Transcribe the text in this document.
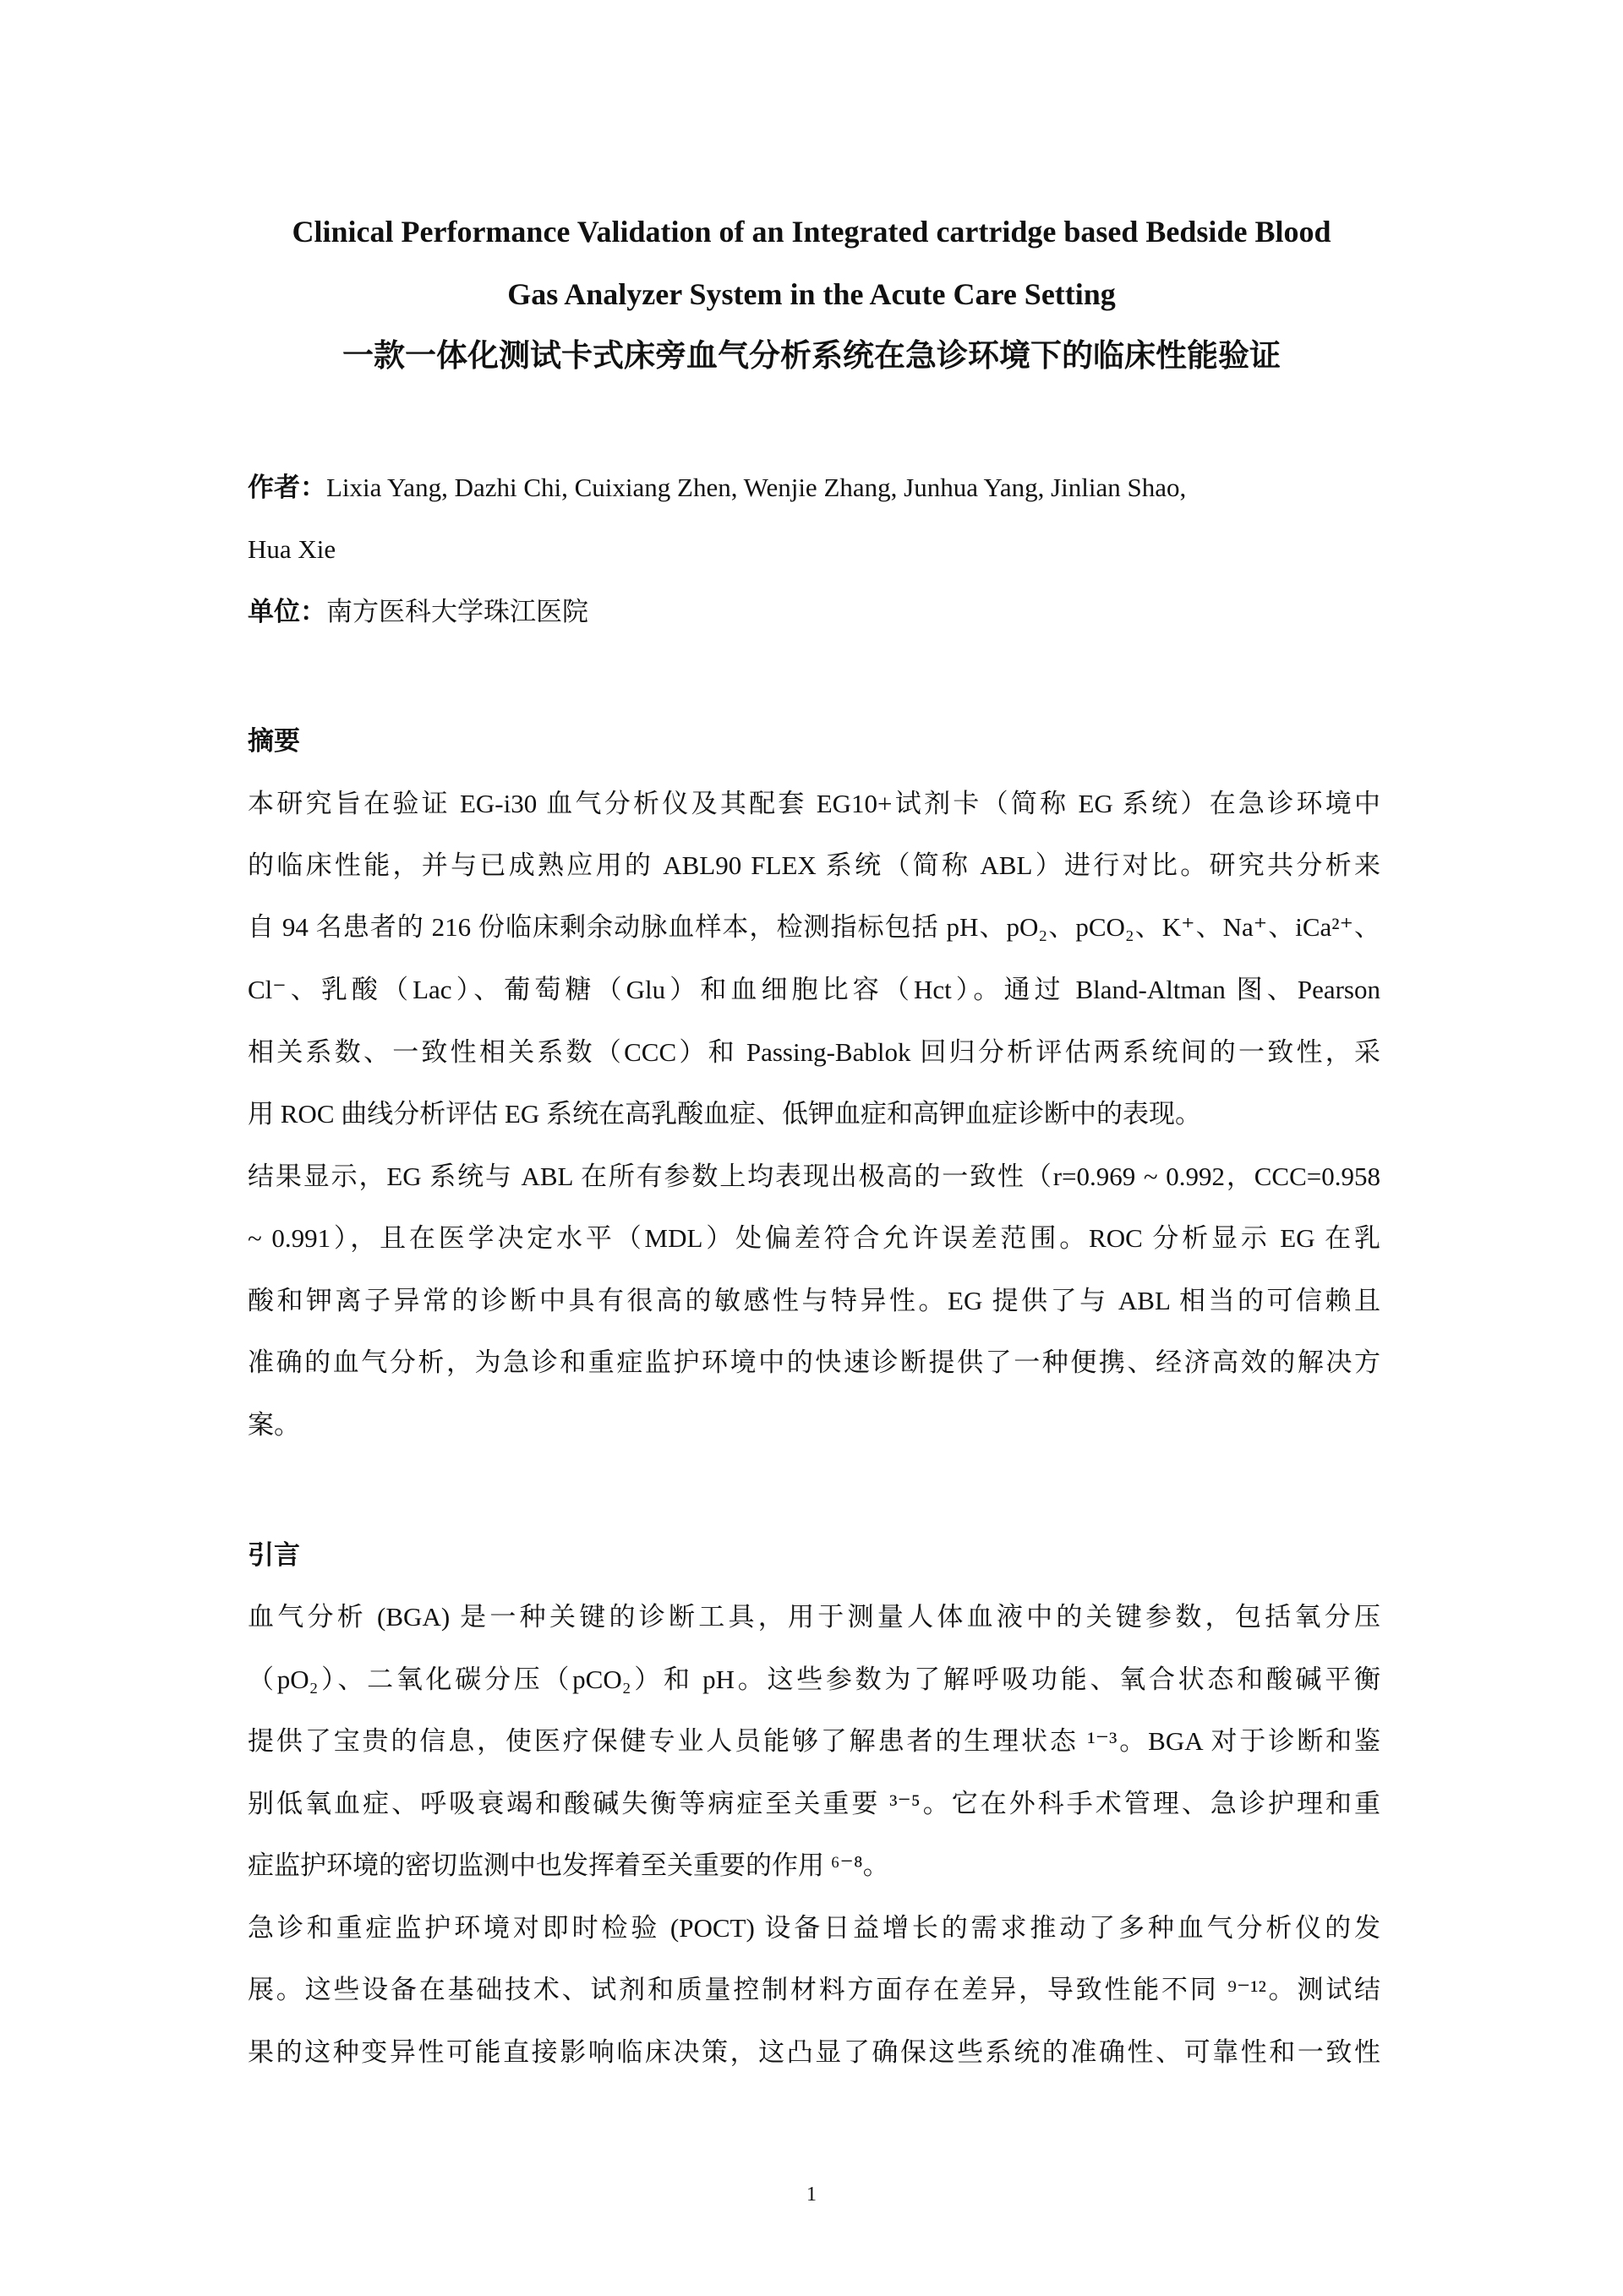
Clinical Performance Validation of an Integrated cartridge based Bedside Blood
Gas Analyzer System in the Acute Care Setting
一款一体化测试卡式床旁血气分析系统在急诊环境下的临床性能验证
作者：Lixia Yang, Dazhi Chi, Cuixiang Zhen, Wenjie Zhang, Junhua Yang, Jinlian Shao,
Hua Xie
单位：南方医科大学珠江医院
摘要
本研究旨在验证 EG-i30 血气分析仪及其配套 EG10+试剂卡（简称 EG 系统）在急诊环境中
的临床性能，并与已成熟应用的 ABL90 FLEX 系统（简称 ABL）进行对比。研究共分析来
自 94 名患者的 216 份临床剩余动脉血样本，检测指标包括 pH、pO₂、pCO₂、K⁺、Na⁺、iCa²⁺、
Cl⁻、乳酸（Lac）、葡萄糖（Glu）和血细胞比容（Hct）。通过 Bland-Altman 图、Pearson
相关系数、一致性相关系数（CCC）和 Passing-Bablok 回归分析评估两系统间的一致性，采
用 ROC 曲线分析评估 EG 系统在高乳酸血症、低钾血症和高钾血症诊断中的表现。
结果显示，EG 系统与 ABL 在所有参数上均表现出极高的一致性（r=0.969 ~ 0.992，CCC=0.958
~ 0.991），且在医学决定水平（MDL）处偏差符合允许误差范围。ROC 分析显示 EG 在乳
酸和钾离子异常的诊断中具有很高的敏感性与特异性。EG 提供了与 ABL 相当的可信赖且
准确的血气分析，为急诊和重症监护环境中的快速诊断提供了一种便携、经济高效的解决方
案。
引言
血气分析 (BGA) 是一种关键的诊断工具，用于测量人体血液中的关键参数，包括氧分压
（pO₂）、二氧化碳分压（pCO₂）和 pH。这些参数为了解呼吸功能、氧合状态和酸碱平衡
提供了宝贵的信息，使医疗保健专业人员能够了解患者的生理状态 ¹⁻³。BGA 对于诊断和鉴
别低氧血症、呼吸衰竭和酸碱失衡等病症至关重要 ³⁻⁵。它在外科手术管理、急诊护理和重
症监护环境的密切监测中也发挥着至关重要的作用 ⁶⁻⁸。
急诊和重症监护环境对即时检验 (POCT) 设备日益增长的需求推动了多种血气分析仪的发
展。这些设备在基础技术、试剂和质量控制材料方面存在差异，导致性能不同 ⁹⁻¹²。测试结
果的这种变异性可能直接影响临床决策，这凸显了确保这些系统的准确性、可靠性和一致性
1
